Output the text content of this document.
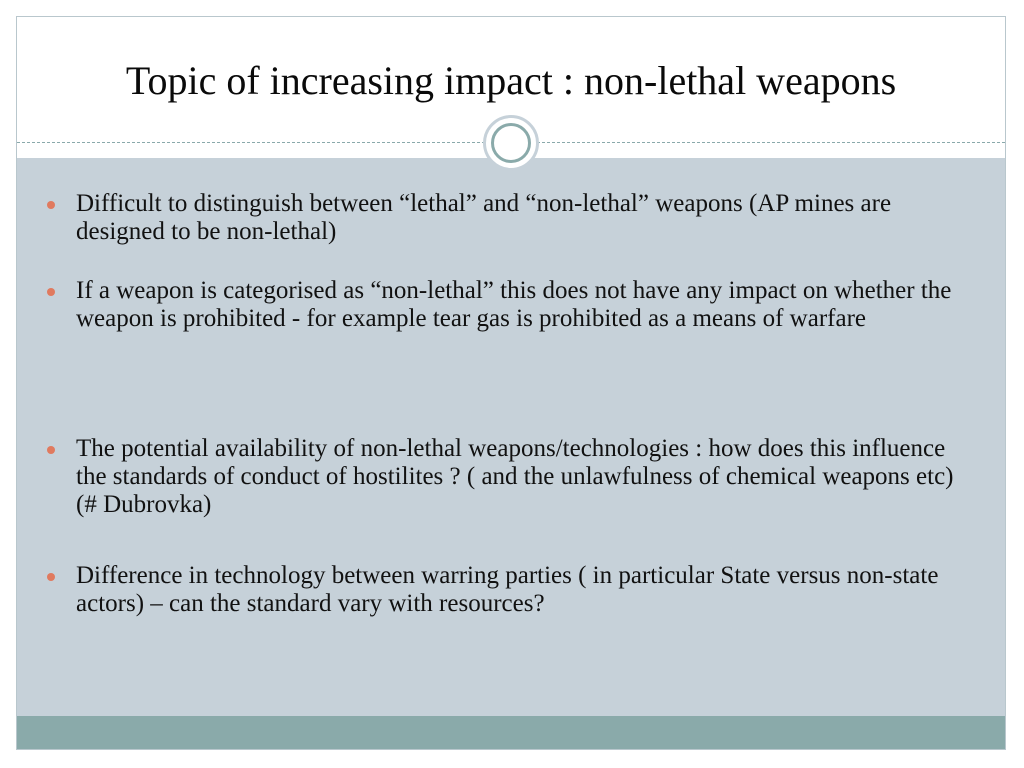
Topic of increasing impact : non-lethal weapons
Difficult to distinguish between “lethal” and “non-lethal” weapons (AP mines are designed to be non-lethal)
If a weapon is categorised as “non-lethal” this does not have any impact on whether the weapon is prohibited - for example tear gas is prohibited as a means of warfare
The potential availability of non-lethal weapons/technologies : how does this influence the standards of conduct of hostilites ? ( and the unlawfulness of chemical weapons etc) (# Dubrovka)
Difference in technology between warring parties ( in particular State versus non-state actors) – can the standard vary with resources?
